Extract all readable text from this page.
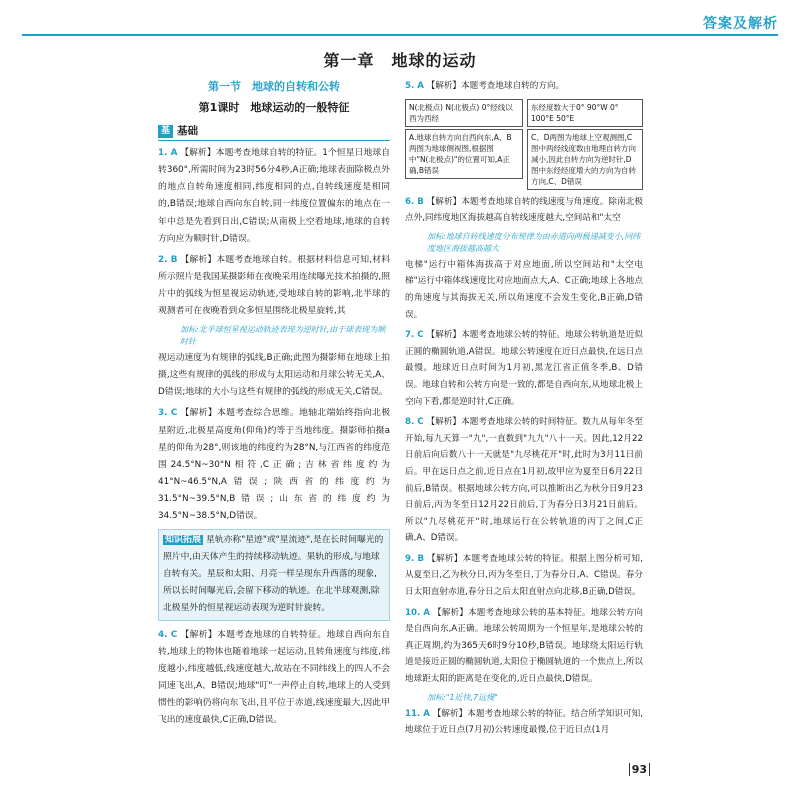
答案及解析
第一章　地球的运动
第一节　地球的自转和公转
第1课时　地球运动的一般特征
基 基础

1. A 【解析】本题考查地球自转的特征。1个恒星日地球自转360°,所需时间为23时56分4秒,A正确;地球表面除极点外的地点自转角速度相同,纬度相同的点,自转线速度是相同的,B错误;地球自西向东自转,同一纬度位置偏东的地点在一年中总是先看到日出,C错误;从南极上空看地球,地球的自转方向应为顺时针,D错误。

2. B 【解析】本题考查地球自转。根据材料信息可知,材料所示照片是我国某摄影师在夜晚采用连续曝光技术拍摄的,照片中的弧线为恒星视运动轨迹,受地球自转的影响,北半球的观测者可在夜晚看到众多恒星围绕北极星旋转,其

加标:北半球恒星视运动轨迹表现为逆时针,由于球表现为顺时针

视运动速度为有规律的弧线,B正确;此图为摄影师在地球上拍摄,这些有规律的弧线的形成与太阳运动和月球公转无关,A、D错误;地球的大小与这些有规律的弧线的形成无关,C错误。

3. C 【解析】本题考查综合思维。地轴北端始终指向北极星附近,北极星高度角(仰角)约等于当地纬度。摄影师拍摄a星的仰角为28°,则该地的纬度约为28°N,与江西省的纬度范围24.5°N~30°N相符,C正确;吉林省纬度约为41°N~46.5°N,A错误;陕西省的纬度约为31.5°N~39.5°N,B错误;山东省的纬度约为34.5°N~38.5°N,D错误。

知识拓展 星轨亦称"星迹"或"星流迹",是在长时间曝光的照片中,由天体产生的持续移动轨迹。果轨的形成,与地球自转有关。星辰和太阳、月亮一样呈现东升西落的现象,所以长时间曝光后,会留下移动的轨迹。在北半球观测,除北极星外的恒星视运动表现为逆时针旋转。

4. C 【解析】本题考查地球的自转特征。地球自西向东自转,地球上的物体也随着地球一起运动,且转角速度与纬度,纬度越小,纬度越低,线速度越大,故站在不同纬线上的四人不会同速飞出,A、B错误;地球"叮"一声停止自转,地球上的人受到惯性的影响仍将向东飞出,且平位于赤道,线速度最大,因此甲飞出的速度最快,C正确,D错误。

5. A 【解析】本题考查地球自转的方向。

N(北极点) N(北极点) 0°经线以西为西经
A.地球自转方向自西向东,A、B两图为地球侧视图,根据图中"N(北极点)"的位置可知,A正确,B错误
东经度数大于0° 90°W 0° 100°E 50°E
C、D两图为地球上空观测图,C图中两经线度数由地理自转方向减小,因此自转方向为逆时针,D图中东经经度增大的方向为自转方向,C、D错误

6. B 【解析】本题考查地球自转的线速度与角速度。除南北极点外,同纬度地区海拔越高自转线速度越大,空间站和"太空

加标:地球自转线速度分布规律为由赤道向两极递减变小,同纬度地区海拔越高越大

电梯"运行中箱体海拔高于对应地面,所以空间站和"太空电梯"运行中箱体线速度比对应地面点大,A、C正确;地球上各地点的角速度与其海拔无关,所以角速度不会发生变化,B正确,D错误。

7. C 【解析】本题考查地球公转的特征。地球公转轨道是近似正圆的椭圆轨道,A错误。地球公转速度在近日点最快,在远日点最慢。地球近日点时间为1月初,黑龙江省正值冬季,B、D错误。地球自转和公转方向是一致的,都是自西向东,从地球北极上空向下看,都是逆时针,C正确。

8. C 【解析】本题考查地球公转的时间特征。数九从每年冬至开始,每九天算一"九",一直数到"九九"八十一天。因此,12月22日前后向后数八十一天就是"九尽桃花开"时,此时为3月11日前后。甲在远日点之前,近日点在1月初,故甲应为夏至日6月22日前后,B错误。根据地球公转方向,可以推断出乙为秋分日9月23日前后,丙为冬至日12月22日前后,丁为春分日3月21日前后。所以"九尽桃花开"时,地球运行在公转轨道的丙丁之间,C正确,A、D错误。

9. B 【解析】本题考查地球公转的特征。根据上图分析可知,从夏至日,乙为秋分日,丙为冬至日,丁为春分日,A、C错误。春分日太阳直射赤道,春分日之后太阳直射点向北移,B正确,D错误。

10. A 【解析】本题考查地球公转的基本特征。地球公转方向是自西向东,A正确。地球公转周期为一个恒星年,是地球公转的真正周期,约为365天6时9分10秒,B错误。地球绕太阳运行轨道是接近正圆的椭圆轨道,太阳位于椭圆轨道的一个焦点上,所以地球距太阳的距离是在变化的,近日点最快,D错误。

加标:"1近快,7远慢"

11. A 【解析】本题考查地球公转的特征。结合所学知识可知,地球位于近日点(7月初)公转速度最慢,位于近日点(1月

93
